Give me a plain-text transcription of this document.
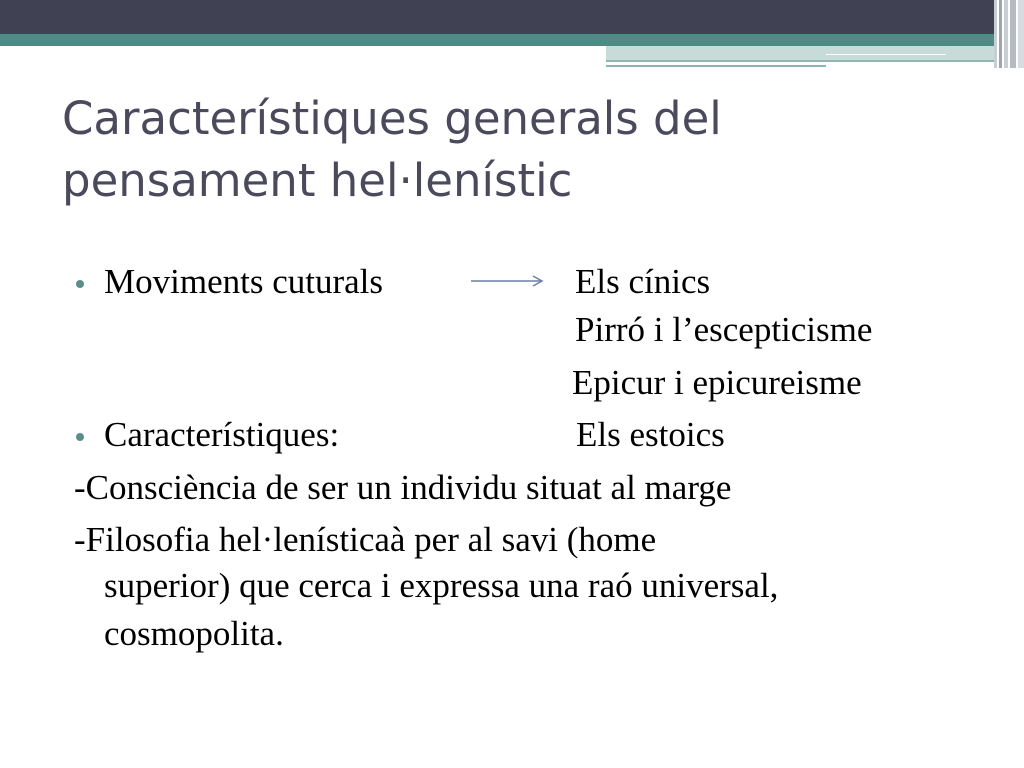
Característiques generals del
pensament hel·lenístic
Moviments cuturals	Els cínics
Pirró i l’escepticisme
Epicur i epicureisme
Característiques:	Els estoics
-Consciència de ser un individu situat al marge
-Filosofia hel·lenísticaà per al savi (home
superior) que cerca i expressa una raó universal,
cosmopolita.
